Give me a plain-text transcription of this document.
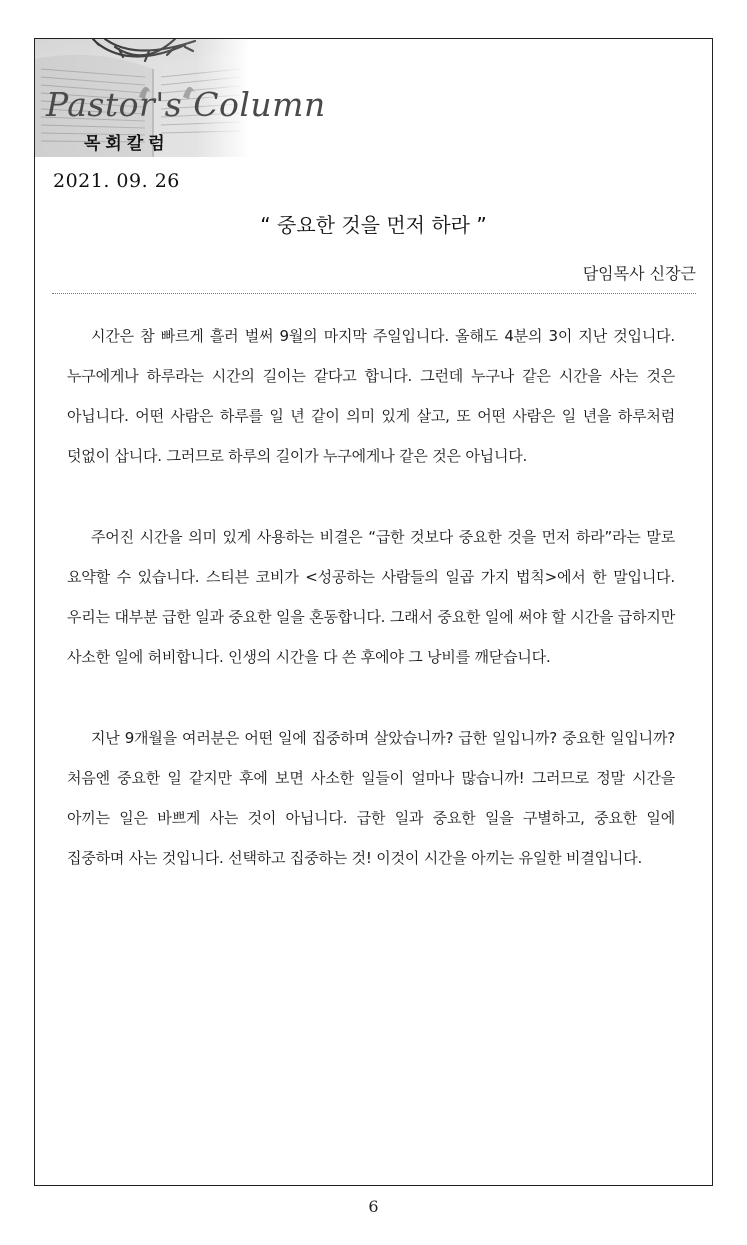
Pastor's Column
목회칼럼
2021. 09. 26
“ 중요한 것을 먼저 하라 ”
담임목사 신장근

시간은 참 빠르게 흘러 벌써 9월의 마지막 주일입니다. 올해도 4분의 3이 지난 것입니다. 누구에게나 하루라는 시간의 길이는 같다고 합니다. 그런데 누구나 같은 시간을 사는 것은 아닙니다. 어떤 사람은 하루를 일 년 같이 의미 있게 살고, 또 어떤 사람은 일 년을 하루처럼 덧없이 삽니다. 그러므로 하루의 길이가 누구에게나 같은 것은 아닙니다.

주어진 시간을 의미 있게 사용하는 비결은 “급한 것보다 중요한 것을 먼저 하라”라는 말로 요약할 수 있습니다. 스티븐 코비가 <성공하는 사람들의 일곱 가지 법칙>에서 한 말입니다. 우리는 대부분 급한 일과 중요한 일을 혼동합니다. 그래서 중요한 일에 써야 할 시간을 급하지만 사소한 일에 허비합니다. 인생의 시간을 다 쓴 후에야 그 낭비를 깨닫습니다.

지난 9개월을 여러분은 어떤 일에 집중하며 살았습니까? 급한 일입니까? 중요한 일입니까? 처음엔 중요한 일 같지만 후에 보면 사소한 일들이 얼마나 많습니까! 그러므로 정말 시간을 아끼는 일은 바쁘게 사는 것이 아닙니다. 급한 일과 중요한 일을 구별하고, 중요한 일에 집중하며 사는 것입니다. 선택하고 집중하는 것! 이것이 시간을 아끼는 유일한 비결입니다.

6
